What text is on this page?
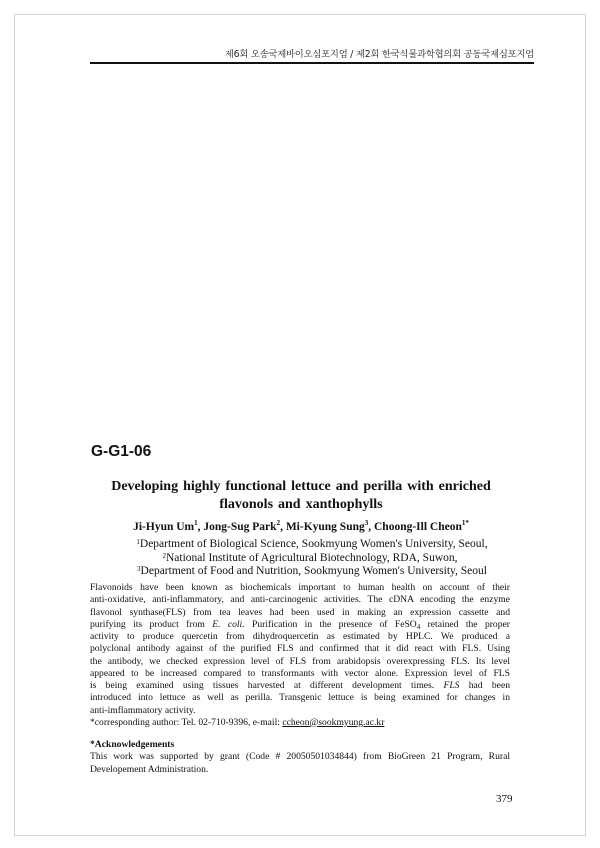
제6회 오송국제바이오심포지엄 / 제2회 한국식물과학협의회 공동국제심포지엄
G-G1-06
Developing highly functional lettuce and perilla with enriched
flavonols and xanthophylls
Ji-Hyun Um$^1$, Jong-Sug Park$^2$, Mi-Kyung Sung$^3$, Choong-Ill Cheon$^{1*}$
$^1$Department of Biological Science, Sookmyung Women's University, Seoul,
$^2$National Institute of Agricultural Biotechnology, RDA, Suwon,
$^3$Department of Food and Nutrition, Sookmyung Women's University, Seoul
Flavonoids have been known as biochemicals important to human health on account of their
anti-oxidative, anti-inflammatory, and anti-carcinogenic activities. The cDNA encoding the enzyme
flavonol synthase(FLS) from tea leaves had been used in making an expression cassette and
purifying its product from E. coli. Purification in the presence of FeSO$_4$ retained the proper
activity to produce quercetin from dihydroquercetin as estimated by HPLC. We produced a
polyclonal antibody against of the purified FLS and confirmed that it did react with FLS. Using
the antibody, we checked expression level of FLS from arabidopsis overexpressing FLS. Its level
appeared to be increased compared to transformants with vector alone. Expression level of FLS
is being examined using tissues harvested at different development times. FLS had been
introduced into lettuce as well as perilla. Transgenic lettuce is being examined for changes in
anti-imflammatory activity.
*corresponding author: Tel. 02-710-9396, e-mail: ccheon@sookmyung.ac.kr
*Acknowledgements
This work was supported by grant (Code # 20050501034844) from BioGreen 21 Program, Rural
Developement Administration.
379
